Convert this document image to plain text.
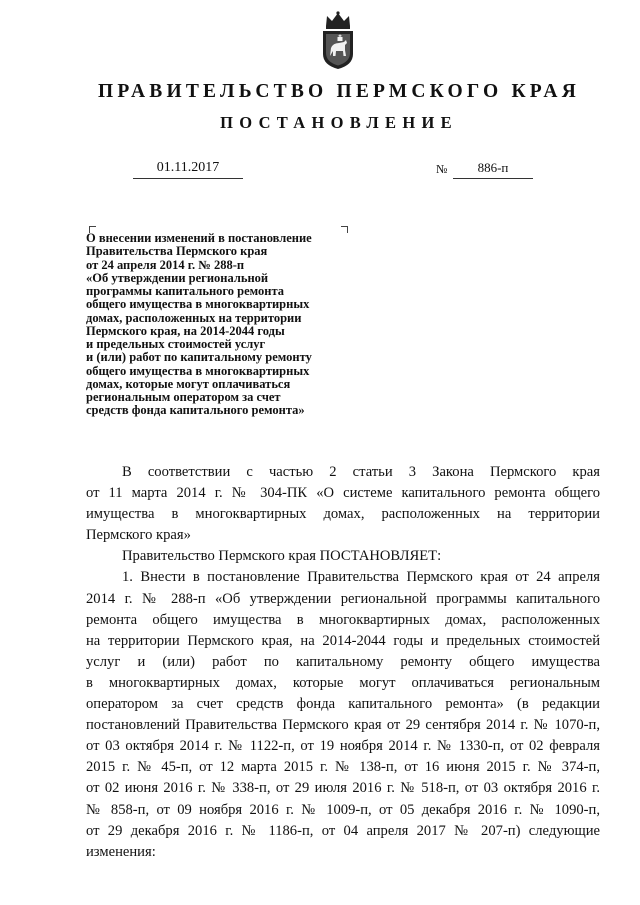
ПРАВИТЕЛЬСТВО ПЕРМСКОГО КРАЯ
ПОСТАНОВЛЕНИЕ
01.11.2017	№	886-п
О внесении изменений в постановление
Правительства Пермского края
от 24 апреля 2014 г. № 288-п
«Об утверждении региональной
программы капитального ремонта
общего имущества в многоквартирных
домах, расположенных на территории
Пермского края, на 2014-2044 годы
и предельных стоимостей услуг
и (или) работ по капитальному ремонту
общего имущества в многоквартирных
домах, которые могут оплачиваться
региональным оператором за счет
средств фонда капитального ремонта»
В соответствии с частью 2 статьи 3 Закона Пермского края
от 11 марта 2014 г. № 304-ПК «О системе капитального ремонта общего
имущества в многоквартирных домах, расположенных на территории
Пермского края»
Правительство Пермского края ПОСТАНОВЛЯЕТ:
1. Внести в постановление Правительства Пермского края от 24 апреля
2014 г. № 288-п «Об утверждении региональной программы капитального
ремонта общего имущества в многоквартирных домах, расположенных
на территории Пермского края, на 2014-2044 годы и предельных стоимостей
услуг и (или) работ по капитальному ремонту общего имущества
в многоквартирных домах, которые могут оплачиваться региональным
оператором за счет средств фонда капитального ремонта» (в редакции
постановлений Правительства Пермского края от 29 сентября 2014 г. № 1070-п,
от 03 октября 2014 г. № 1122-п, от 19 ноября 2014 г. № 1330-п, от 02 февраля
2015 г. № 45-п, от 12 марта 2015 г. № 138-п, от 16 июня 2015 г. № 374-п,
от 02 июня 2016 г. № 338-п, от 29 июля 2016 г. № 518-п, от 03 октября 2016 г.
№ 858-п, от 09 ноября 2016 г. № 1009-п, от 05 декабря 2016 г. № 1090-п,
от 29 декабря 2016 г. № 1186-п, от 04 апреля 2017 № 207-п) следующие
изменения:
